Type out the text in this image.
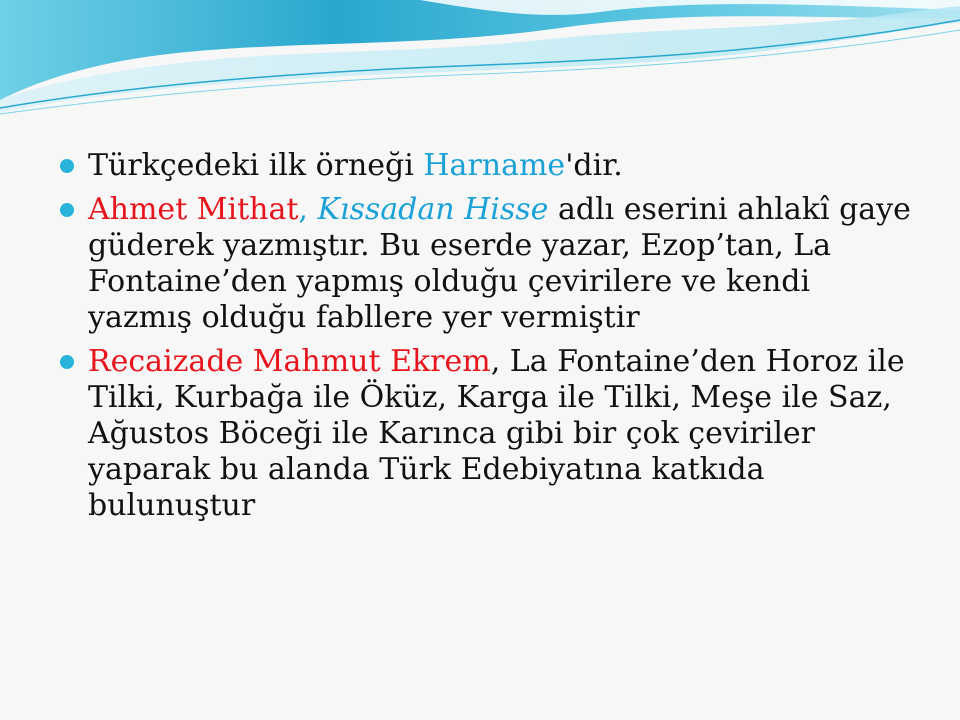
Türkçedeki ilk örneği Harname'dir.
Ahmet Mithat, Kıssadan Hisse adlı eserini ahlakî gaye güderek yazmıştır. Bu eserde yazar, Ezop’tan, La Fontaine’den yapmış olduğu çevirilere ve kendi yazmış olduğu fabllere yer vermiştir
Recaizade Mahmut Ekrem, La Fontaine’den Horoz ile Tilki, Kurbağa ile Öküz, Karga ile Tilki, Meşe ile Saz, Ağustos Böceği ile Karınca gibi bir çok çeviriler yaparak bu alanda Türk Edebiyatına katkıda bulunuştur
